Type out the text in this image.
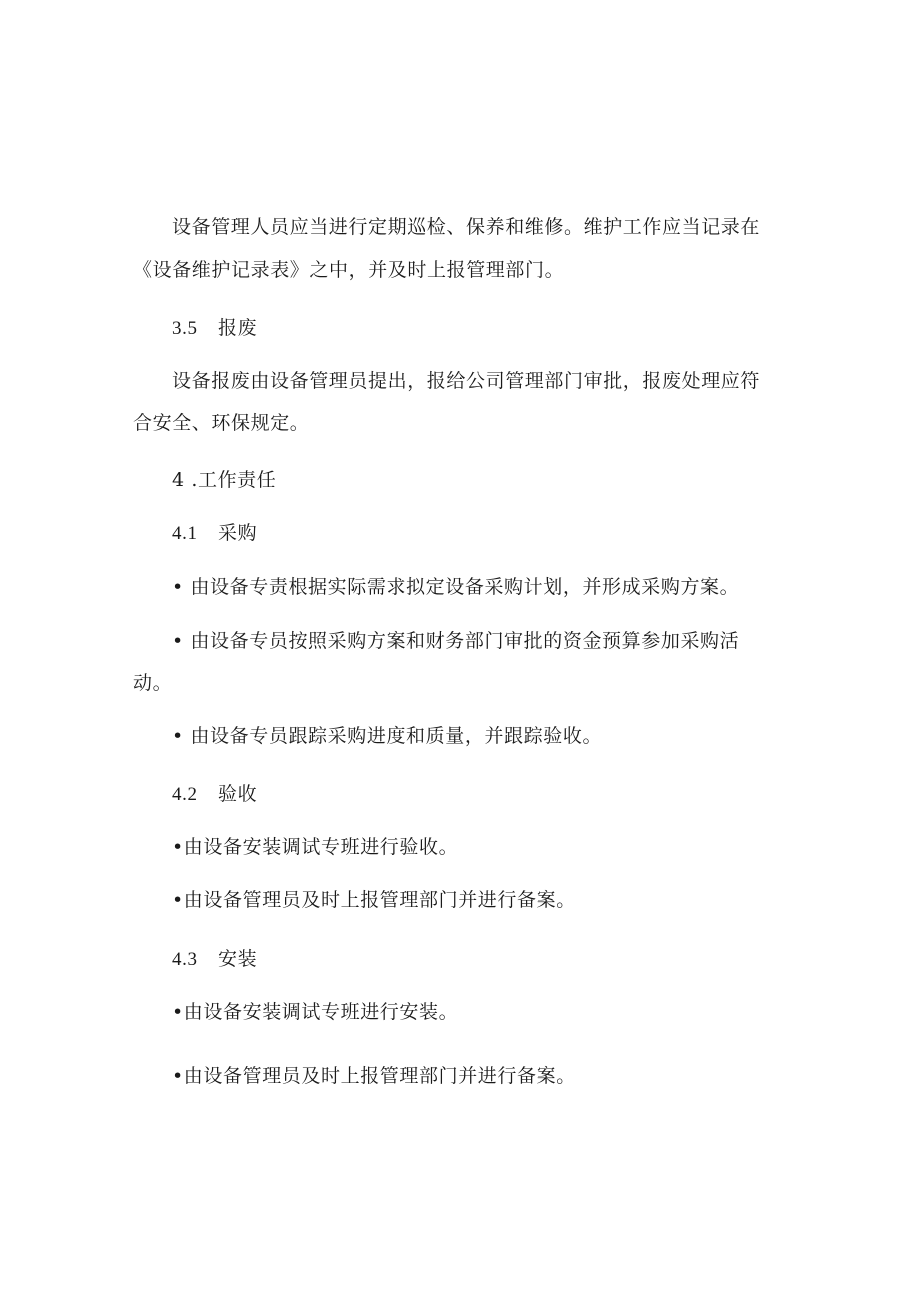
设备管理人员应当进行定期巡检、保养和维修。维护工作应当记录在
《设备维护记录表》之中，并及时上报管理部门。
3.5 报废
设备报废由设备管理员提出，报给公司管理部门审批，报废处理应符
合安全、环保规定。
4 .工作责任
4.1 采购
• 由设备专责根据实际需求拟定设备采购计划，并形成采购方案。
• 由设备专员按照采购方案和财务部门审批的资金预算参加采购活
动。
• 由设备专员跟踪采购进度和质量，并跟踪验收。
4.2 验收
•由设备安装调试专班进行验收。
•由设备管理员及时上报管理部门并进行备案。
4.3 安装
•由设备安装调试专班进行安装。
•由设备管理员及时上报管理部门并进行备案。
